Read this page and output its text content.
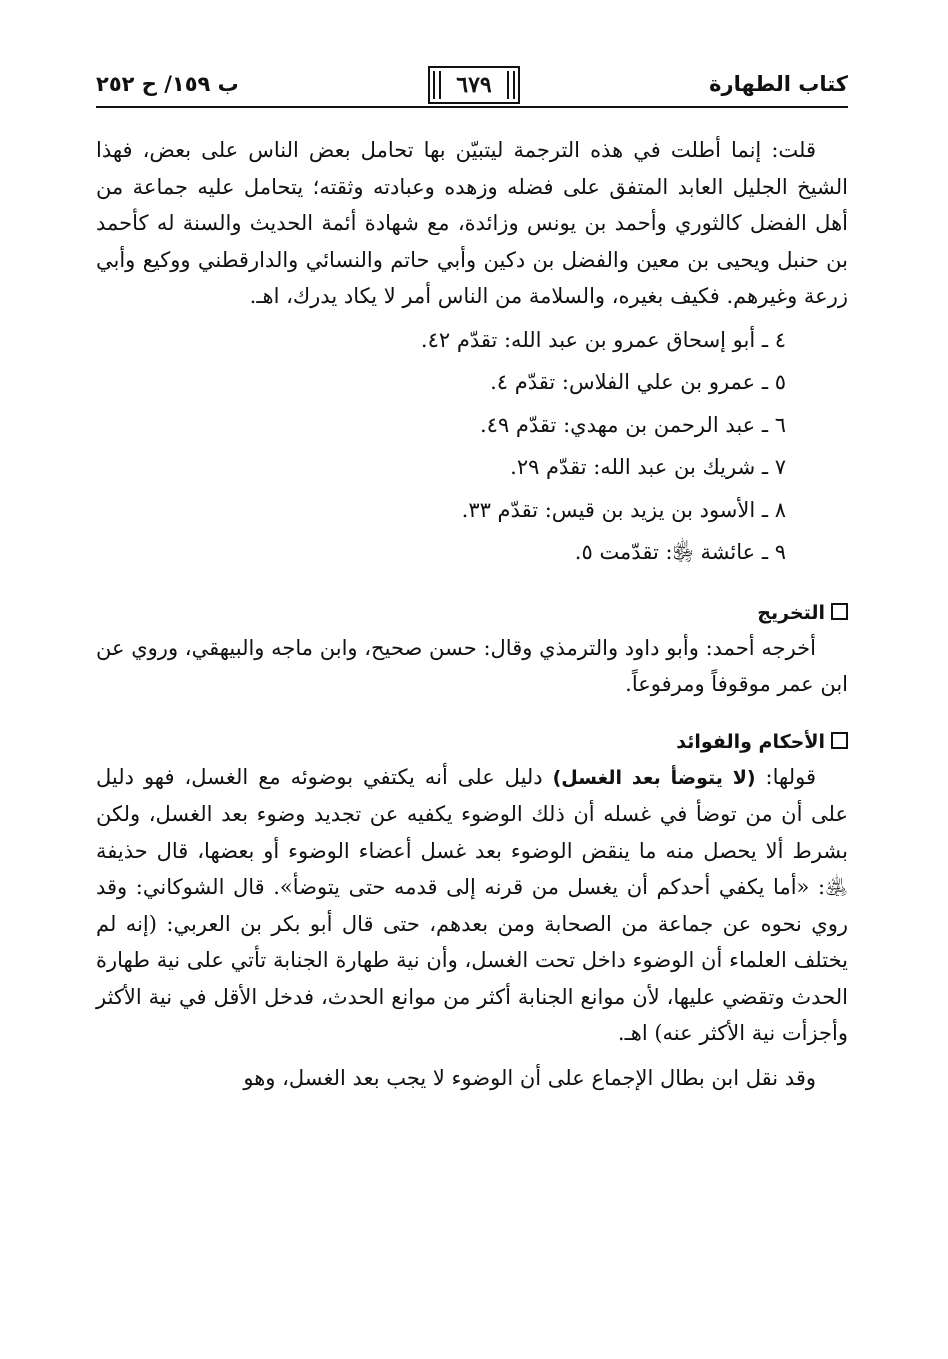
كتاب الطهارة
٦٧٩
ب ١٥٩/ ح ٢٥٢

قلت: إنما أطلت في هذه الترجمة ليتبيّن بها تحامل بعض الناس على بعض، فهذا الشيخ الجليل العابد المتفق على فضله وزهده وعبادته وثقته؛ يتحامل عليه جماعة من أهل الفضل كالثوري وأحمد بن يونس وزائدة، مع شهادة أئمة الحديث والسنة له كأحمد بن حنبل ويحيى بن معين والفضل بن دكين وأبي حاتم والنسائي والدارقطني ووكيع وأبي زرعة وغيرهم. فكيف بغيره، والسلامة من الناس أمر لا يكاد يدرك، اهـ.

٤ ـ أبو إسحاق عمرو بن عبد الله: تقدّم ٤٢.
٥ ـ عمرو بن علي الفلاس: تقدّم ٤.
٦ ـ عبد الرحمن بن مهدي: تقدّم ٤٩.
٧ ـ شريك بن عبد الله: تقدّم ٢٩.
٨ ـ الأسود بن يزيد بن قيس: تقدّم ٣٣.
٩ ـ عائشة ﵂: تقدّمت ٥.
التخريج

أخرجه أحمد: وأبو داود والترمذي وقال: حسن صحيح، وابن ماجه والبيهقي، وروي عن ابن عمر موقوفاً ومرفوعاً.

الأحكام والفوائد

قولها: (لا يتوضأ بعد الغسل) دليل على أنه يكتفي بوضوئه مع الغسل، فهو دليل على أن من توضأ في غسله أن ذلك الوضوء يكفيه عن تجديد وضوء بعد الغسل، ولكن بشرط ألا يحصل منه ما ينقض الوضوء بعد غسل أعضاء الوضوء أو بعضها، قال حذيفة ﵁: «أما يكفي أحدكم أن يغسل من قرنه إلى قدمه حتى يتوضأ». قال الشوكاني: وقد روي نحوه عن جماعة من الصحابة ومن بعدهم، حتى قال أبو بكر بن العربي: (إنه لم يختلف العلماء أن الوضوء داخل تحت الغسل، وأن نية طهارة الجنابة تأتي على نية طهارة الحدث وتقضي عليها، لأن موانع الجنابة أكثر من موانع الحدث، فدخل الأقل في نية الأكثر وأجزأت نية الأكثر عنه) اهـ.

وقد نقل ابن بطال الإجماع على أن الوضوء لا يجب بعد الغسل، وهو
